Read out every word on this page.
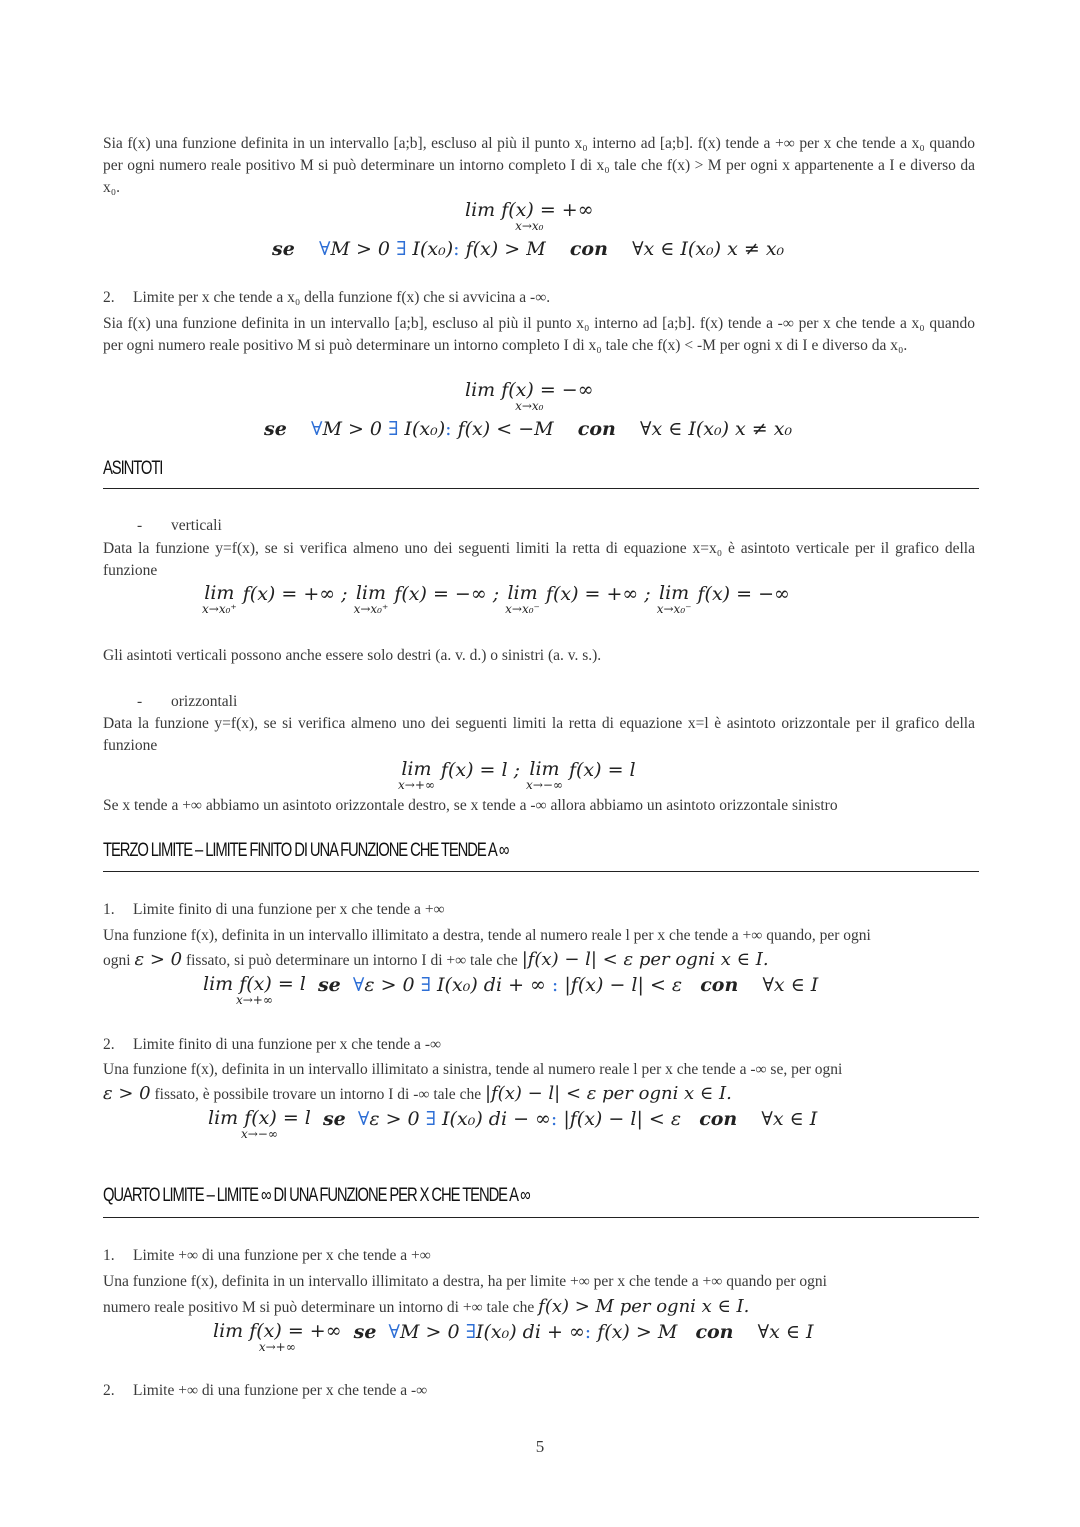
Sia f(x) una funzione definita in un intervallo [a;b], escluso al più il punto x₀ interno ad [a;b]. f(x) tende a +∞ per x che tende a x₀ quando per ogni numero reale positivo M si può determinare un intorno completo I di x₀ tale che f(x) > M per ogni x appartenente a I e diverso da x₀.
lim f(x) = +∞
x→x₀
se ∀M > 0 ∃ I(x₀): f(x) > M con ∀x ∈ I(x₀) x ≠ x₀
2. Limite per x che tende a x₀ della funzione f(x) che si avvicina a -∞.
Sia f(x) una funzione definita in un intervallo [a;b], escluso al più il punto x₀ interno ad [a;b]. f(x) tende a -∞ per x che tende a x₀ quando per ogni numero reale positivo M si può determinare un intorno completo I di x₀ tale che f(x) < -M per ogni x di I e diverso da x₀.
lim f(x) = −∞
x→x₀
se ∀M > 0 ∃ I(x₀): f(x) < −M con ∀x ∈ I(x₀) x ≠ x₀
ASINTOTI
- verticali
Data la funzione y=f(x), se si verifica almeno uno dei seguenti limiti la retta di equazione x=x₀ è asintoto verticale per il grafico della funzione
lim
x→x₀⁺
f(x) = +∞ ; lim
x→x₀⁺
f(x) = −∞ ; lim
x→x₀⁻
f(x) = +∞ ; lim
x→x₀⁻
f(x) = −∞
Gli asintoti verticali possono anche essere solo destri (a. v. d.) o sinistri (a. v. s.).
- orizzontali
Data la funzione y=f(x), se si verifica almeno uno dei seguenti limiti la retta di equazione x=l è asintoto orizzontale per il grafico della funzione
lim
x→+∞
f(x) = l ; lim
x→−∞
f(x) = l
Se x tende a +∞ abbiamo un asintoto orizzontale destro, se x tende a -∞ allora abbiamo un asintoto orizzontale sinistro
TERZO LIMITE – LIMITE FINITO DI UNA FUNZIONE CHE TENDE A ∞
1. Limite finito di una funzione per x che tende a +∞
Una funzione f(x), definita in un intervallo illimitato a destra, tende al numero reale l per x che tende a +∞ quando, per ogni
ogni ε > 0 fissato, si può determinare un intorno I di +∞ tale che |f(x) − l| < ε per ogni x ∈ I.
lim f(x) = l
x→+∞
se ∀ε > 0 ∃ I(x₀) di + ∞ : |f(x) − l| < ε con ∀x ∈ I
2. Limite finito di una funzione per x che tende a -∞
Una funzione f(x), definita in un intervallo illimitato a sinistra, tende al numero reale l per x che tende a -∞ se, per ogni
ε > 0 fissato, è possibile trovare un intorno I di -∞ tale che |f(x) − l| < ε per ogni x ∈ I.
lim f(x) = l
x→−∞
se ∀ε > 0 ∃ I(x₀) di − ∞: |f(x) − l| < ε con ∀x ∈ I
QUARTO LIMITE – LIMITE ∞ DI UNA FUNZIONE PER X CHE TENDE A ∞
1. Limite +∞ di una funzione per x che tende a +∞
Una funzione f(x), definita in un intervallo illimitato a destra, ha per limite +∞ per x che tende a +∞ quando per ogni
numero reale positivo M si può determinare un intorno di +∞ tale che f(x) > M per ogni x ∈ I.
lim f(x) = +∞
x→+∞
se ∀M > 0 ∃I(x₀) di + ∞: f(x) > M con ∀x ∈ I
2. Limite +∞ di una funzione per x che tende a -∞
5
